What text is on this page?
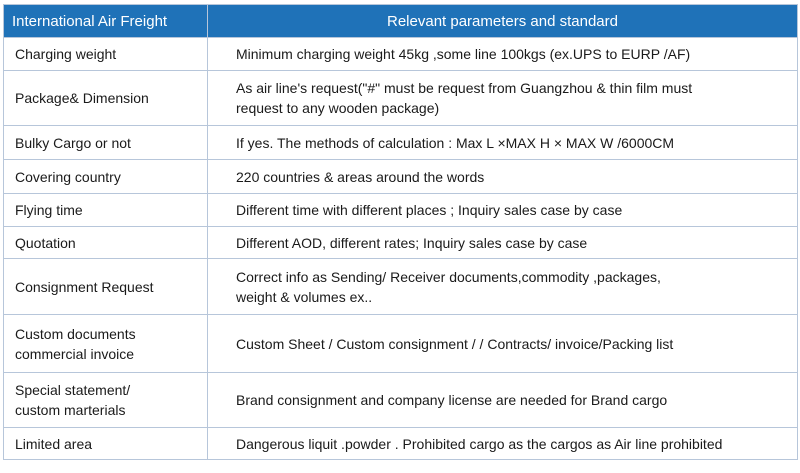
International Air Freight	Relevant parameters and standard

Charging weight	Minimum charging weight 45kg ,some line 100kgs (ex.UPS to EURP /AF)

Package& Dimension	As air line's request("#" must be request from Guangzhou & thin film must
request to any wooden package)

Bulky Cargo or not	If yes. The methods of calculation : Max L ×MAX H × MAX W /6000CM

Covering country	220 countries & areas around the words

Flying time	Different time with different places ; Inquiry sales case by case

Quotation	Different AOD, different rates; Inquiry sales case by case

Consignment Request	Correct info as Sending/ Receiver documents,commodity ,packages,
weight & volumes ex..

Custom documents
commercial invoice	Custom Sheet / Custom consignment / / Contracts/ invoice/Packing list

Special statement/
custom marterials	Brand consignment and company license are needed for Brand cargo

Limited area	Dangerous liquit .powder . Prohibited cargo as the cargos as Air line prohibited
